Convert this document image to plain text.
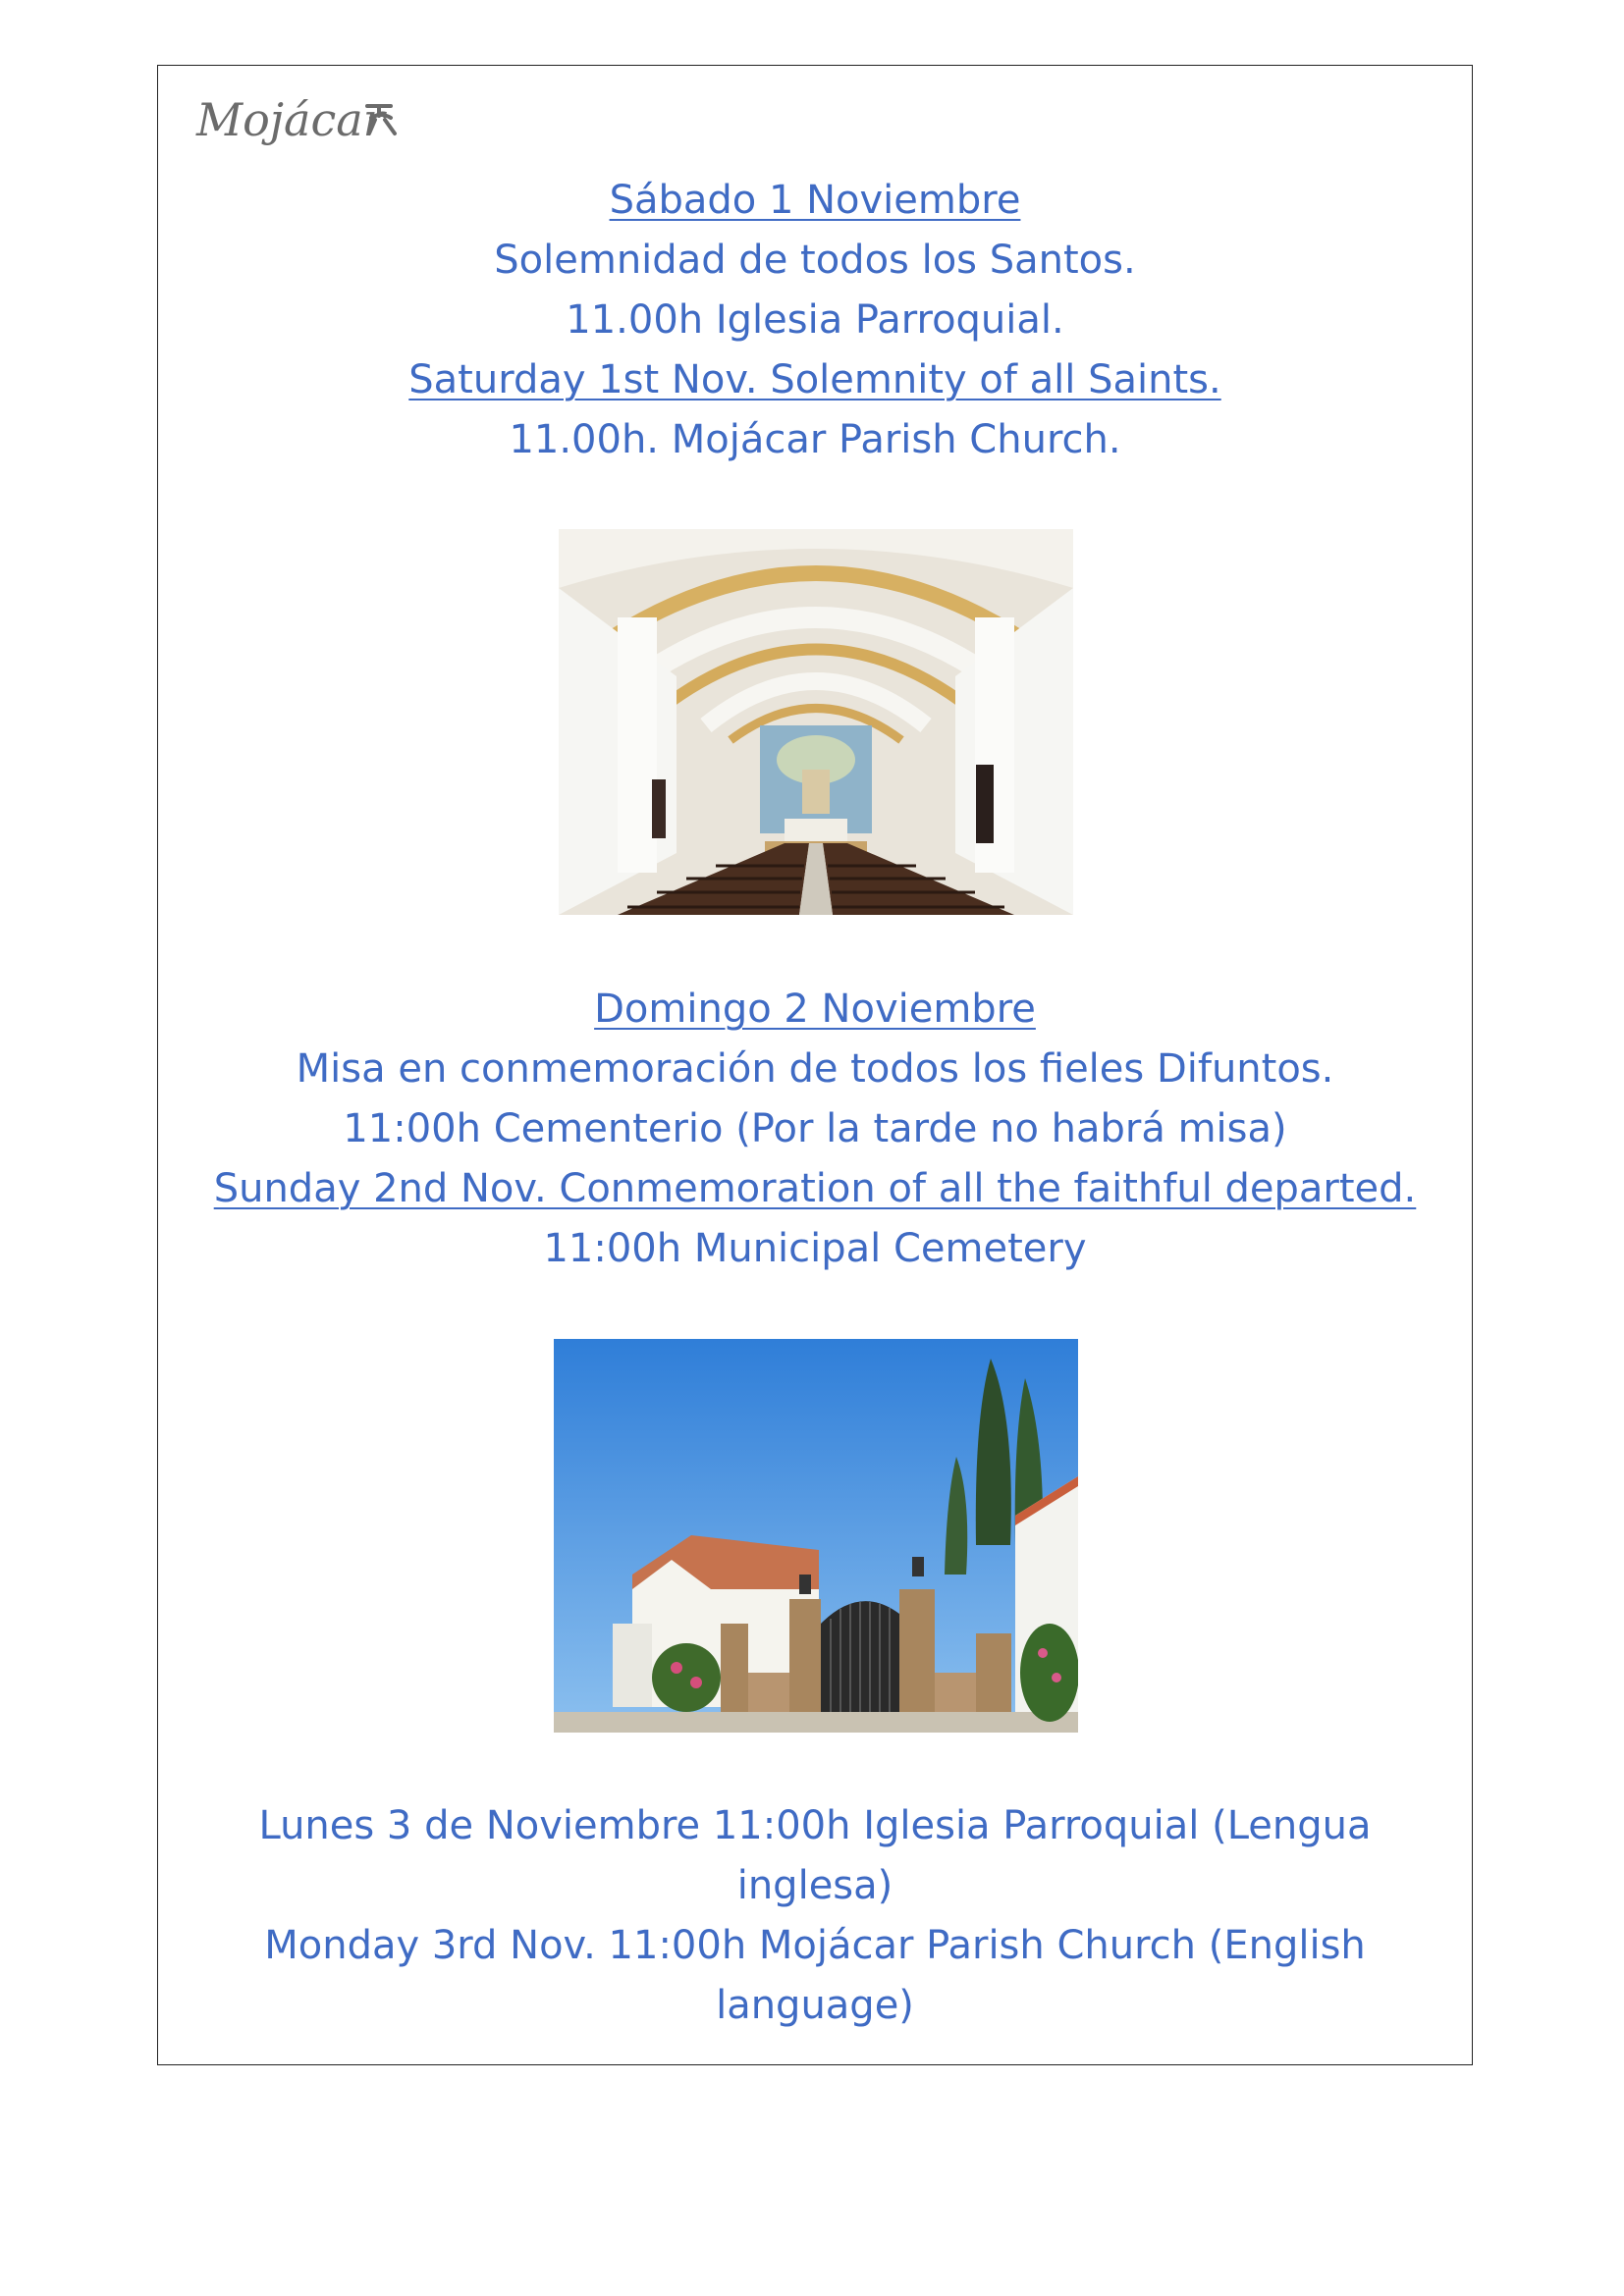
Mojácar
Sábado 1 Noviembre
Solemnidad de todos los Santos.
11.00h Iglesia Parroquial.
Saturday 1st Nov. Solemnity of all Saints.
11.00h. Mojácar Parish Church.
Domingo 2 Noviembre
Misa en conmemoración de todos los fieles Difuntos.
11:00h Cementerio (Por la tarde no habrá misa)
Sunday 2nd Nov. Conmemoration of all the faithful departed.
11:00h Municipal Cemetery
Lunes 3 de Noviembre 11:00h Iglesia Parroquial (Lengua
inglesa)
Monday 3rd Nov. 11:00h Mojácar Parish Church (English
language)
